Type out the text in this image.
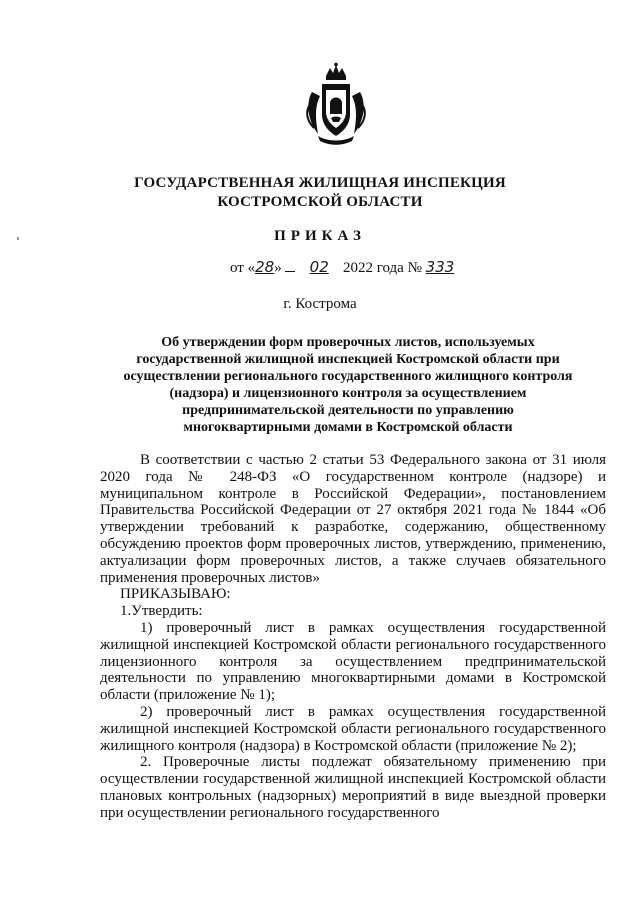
ГОСУДАРСТВЕННАЯ ЖИЛИЩНАЯ ИНСПЕКЦИЯ
КОСТРОМСКОЙ ОБЛАСТИ
ПРИКАЗ
от «28» 02 2022 года № 333
г. Кострома
Об утверждении форм проверочных листов, используемых государственной жилищной инспекцией Костромской области при осуществлении регионального государственного жилищного контроля (надзора) и лицензионного контроля за осуществлением предпринимательской деятельности по управлению многоквартирными домами в Костромской области

В соответствии с частью 2 статьи 53 Федерального закона от 31 июля 2020 года № 248-ФЗ «О государственном контроле (надзоре) и муниципальном контроле в Российской Федерации», постановлением Правительства Российской Федерации от 27 октября 2021 года № 1844 «Об утверждении требований к разработке, содержанию, общественному обсуждению проектов форм проверочных листов, утверждению, применению, актуализации форм проверочных листов, а также случаев обязательного применения проверочных листов»

ПРИКАЗЫВАЮ:

1.Утвердить:

1) проверочный лист в рамках осуществления государственной жилищной инспекцией Костромской области регионального государственного лицензионного контроля за осуществлением предпринимательской деятельности по управлению многоквартирными домами в Костромской области (приложение № 1);

2) проверочный лист в рамках осуществления государственной жилищной инспекцией Костромской области регионального государственного жилищного контроля (надзора) в Костромской области (приложение № 2);

2. Проверочные листы подлежат обязательному применению при осуществлении государственной жилищной инспекцией Костромской области плановых контрольных (надзорных) мероприятий в виде выездной проверки при осуществлении регионального государственного
